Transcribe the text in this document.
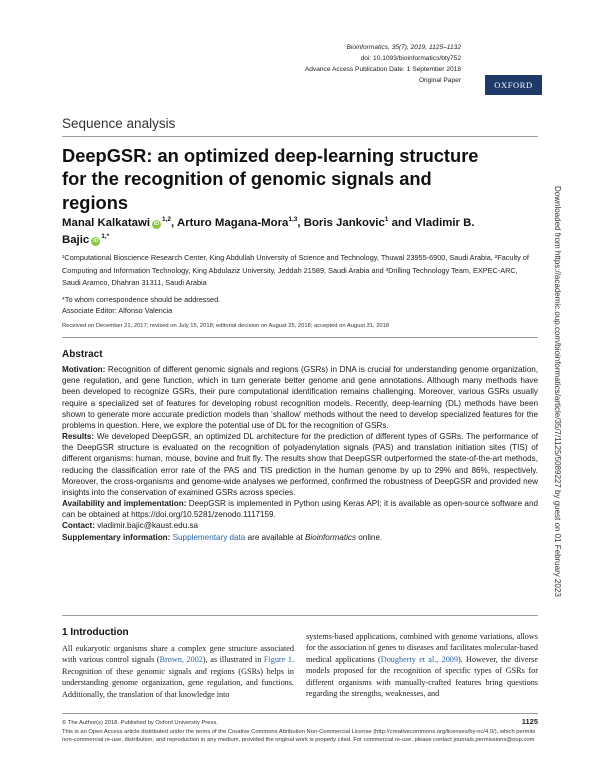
Bioinformatics, 35(7), 2019, 1125–1132
doi: 10.1093/bioinformatics/bty752
Advance Access Publication Date: 1 September 2018
Original Paper	OXFORD
Sequence analysis
DeepGSR: an optimized deep-learning structure for the recognition of genomic signals and regions
Manal Kalkatawi iD$^{1,2}$, Arturo Magana-Mora$^{1,3}$, Boris Jankovic$^1$ and Vladimir B. Bajic $iD^{1,*}$
¹Computational Bioscience Research Center, King Abdullah University of Science and Technology, Thuwal 23955-6900, Saudi Arabia, ²Faculty of Computing and Information Technology, King Abdulaziz University, Jeddah 21589, Saudi Arabia and ³Drilling Technology Team, EXPEC-ARC, Saudi Aramco, Dhahran 31311, Saudi Arabia
*To whom correspondence should be addressed.
Associate Editor: Alfonso Valencia
Received on December 21, 2017; revised on July 15, 2018; editorial decision on August 25, 2018; accepted on August 31, 2018
Abstract

Motivation: Recognition of different genomic signals and regions (GSRs) in DNA is crucial for understanding genome organization, gene regulation, and gene function, which in turn generate better genome and gene annotations. Although many methods have been developed to recognize GSRs, their pure computational identification remains challenging. Moreover, various GSRs usually require a specialized set of features for developing robust recognition models. Recently, deep-learning (DL) methods have been shown to generate more accurate prediction models than ‘shallow’ methods without the need to develop specialized features for the problems in question. Here, we explore the potential use of DL for the recognition of GSRs.

Results: We developed DeepGSR, an optimized DL architecture for the prediction of different types of GSRs. The performance of the DeepGSR structure is evaluated on the recognition of polyadenylation signals (PAS) and translation initiation sites (TIS) of different organisms: human, mouse, bovine and fruit fly. The results show that DeepGSR outperformed the state-of-the-art methods, reducing the classification error rate of the PAS and TIS prediction in the human genome by up to 29% and 86%, respectively. Moreover, the cross-organisms and genome-wide analyses we performed, confirmed the robustness of DeepGSR and provided new insights into the conservation of examined GSRs across species.

Availability and implementation: DeepGSR is implemented in Python using Keras API; it is available as open-source software and can be obtained at https://doi.org/10.5281/zenodo.1117159.

Contact: vladimir.bajic@kaust.edu.sa

Supplementary information: Supplementary data are available at Bioinformatics online.

1 Introduction
All eukaryotic organisms share a complex gene structure associated with various control signals (Brown, 2002), as illustrated in Figure 1. Recognition of these genomic signals and regions (GSRs) helps in understanding genome organization, gene regulation, and functions. Additionally, the translation of that knowledge into
systems-based applications, combined with genome variations, allows for the association of genes to diseases and facilitates molecular-based medical applications (Dougherty et al., 2009). However, the diverse models proposed for the recognition of specific types of GSRs for different organisms with manually-crafted features bring questions regarding the strengths, weaknesses, and
© The Author(s) 2018. Published by Oxford University Press.
This is an Open Access article distributed under the terms of the Creative Commons Attribution Non-Commercial License (http://creativecommons.org/licenses/by-nc/4.0/), which permits non-commercial re-use, distribution, and reproduction in any medium, provided the original work is properly cited. For commercial re-use, please contact journals.permissions@oup.com
1125
Downloaded from https://academic.oup.com/bioinformatics/article/35/7/1125/5089227 by guest on 01 February 2023
